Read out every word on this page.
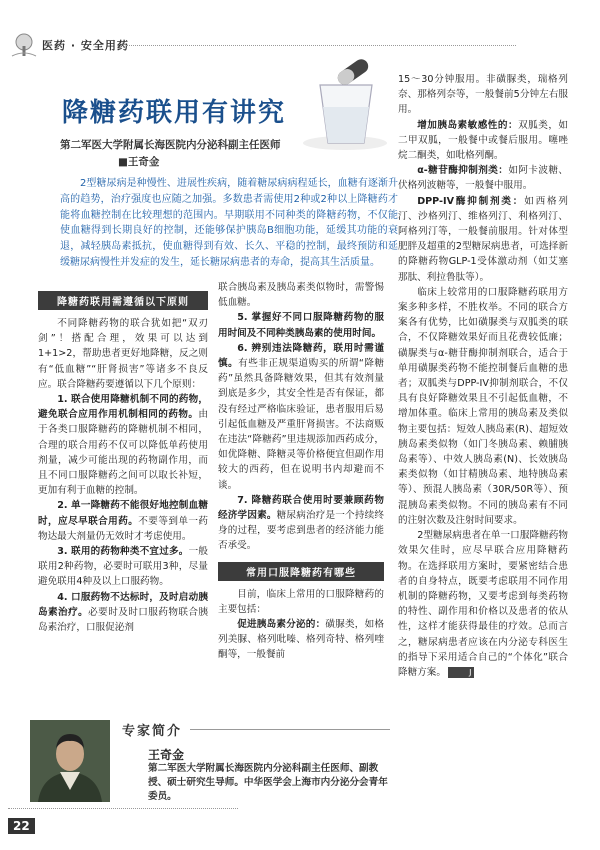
医药 · 安全用药
降糖药联用有讲究
第二军医大学附属长海医院内分泌科副主任医师
■王奇金

2型糖尿病是种慢性、进展性疾病，随着糖尿病病程延长，血糖有逐渐升高的趋势，治疗强度也应随之加强。多数患者需使用2种或2种以上降糖药才能将血糖控制在比较理想的范围内。早期联用不同种类的降糖药物，不仅能使血糖得到长期良好的控制，还能够保护胰岛B细胞功能，延缓其功能的衰退，减轻胰岛素抵抗，使血糖得到有效、长久、平稳的控制，最终预防和延缓糖尿病慢性并发症的发生，延长糖尿病患者的寿命，提高其生活质量。

降糖药联用需遵循以下原则

不同降糖药物的联合犹如把“双刃剑”！搭配合理，效果可以达到1+1>2，帮助患者更好地降糖，反之则有“低血糖”“肝肾损害”等诸多不良反应。联合降糖药要遵循以下几个原则：

1. 联合使用降糖机制不同的药物，避免联合应用作用机制相同的药物。由于各类口服降糖药的降糖机制不相同，合理的联合用药不仅可以降低单药使用剂量，减少可能出现的药物副作用，而且不同口服降糖药之间可以取长补短，更加有利于血糖的控制。

2. 单一降糖药不能很好地控制血糖时，应尽早联合用药。不要等到单一药物达最大剂量仍无效时才考虑使用。

3. 联用的药物种类不宜过多。一般联用2种药物，必要时可联用3种，尽量避免联用4种及以上口服药物。

4. 口服药物不达标时，及时启动胰岛素治疗。必要时及时口服药物联合胰岛素治疗，口服促泌剂

联合胰岛素及胰岛素类似物时，需警惕低血糖。

5. 掌握好不同口服降糖药物的服用时间及不同种类胰岛素的使用时间。

6. 辨别违法降糖药，联用时需谨慎。有些非正规渠道购买的所谓“降糖药”虽然具备降糖效果，但其有效剂量到底是多少，其安全性是否有保证，都没有经过严格临床验证，患者服用后易引起低血糖及严重肝肾损害。不法商贩在违法“降糖药”里违规添加西药成分，如优降糖、降糖灵等价格便宜但副作用较大的西药，但在说明书内却避而不谈。

7. 降糖药联合使用时要兼顾药物经济学因素。糖尿病治疗是一个持续终身的过程，要考虑到患者的经济能力能否承受。

常用口服降糖药有哪些

目前，临床上常用的口服降糖药的主要包括：

促进胰岛素分泌的：磺脲类，如格列美脲、格列吡嗪、格列奇特、格列喹酮等，一般餐前

15～30分钟服用。非磺脲类，瑞格列奈、那格列奈等，一般餐前5分钟左右服用。

增加胰岛素敏感性的：双胍类，如二甲双胍，一般餐中或餐后服用。噻唑烷二酮类，如吡格列酮。

α-糖苷酶抑制剂类：如阿卡波糖、伏格列波糖等，一般餐中服用。

DPP-IV酶抑制剂类：如西格列汀、沙格列汀、维格列汀、利格列汀、阿格列汀等，一般餐前服用。针对体型肥胖及超重的2型糖尿病患者，可选择新的降糖药物GLP-1受体激动剂（如艾塞那肽、利拉鲁肽等）。

临床上较常用的口服降糖药联用方案多种多样，不胜枚举。不同的联合方案各有优势，比如磺脲类与双胍类的联合，不仅降糖效果好而且花费较低廉；磺脲类与α-糖苷酶抑制剂联合，适合于单用磺脲类药物不能控制餐后血糖的患者；双胍类与DPP-IV抑制剂联合，不仅具有良好降糖效果且不引起低血糖，不增加体重。临床上常用的胰岛素及类似物主要包括：短效人胰岛素(R)、超短效胰岛素类似物（如门冬胰岛素、赖脯胰岛素等）、中效人胰岛素(N)、长效胰岛素类似物（如甘精胰岛素、地特胰岛素等）、预混人胰岛素（30R/50R等）、预混胰岛素类似物。不同的胰岛素有不同的注射次数及注射时间要求。

2型糖尿病患者在单一口服降糖药物效果欠佳时，应尽早联合应用降糖药物。在选择联用方案时，要紧密结合患者的自身特点，既要考虑联用不同作用机制的降糖药物，又要考虑到每类药物的特性、副作用和价格以及患者的依从性，这样才能获得最佳的疗效。总而言之，糖尿病患者应该在内分泌专科医生的指导下采用适合自己的“个体化”联合降糖方案。	J

专家简介
王奇金
第二军医大学附属长海医院内分泌科副主任医师、副教授、硕士研究生导师。中华医学会上海市内分泌分会青年委员。
22
